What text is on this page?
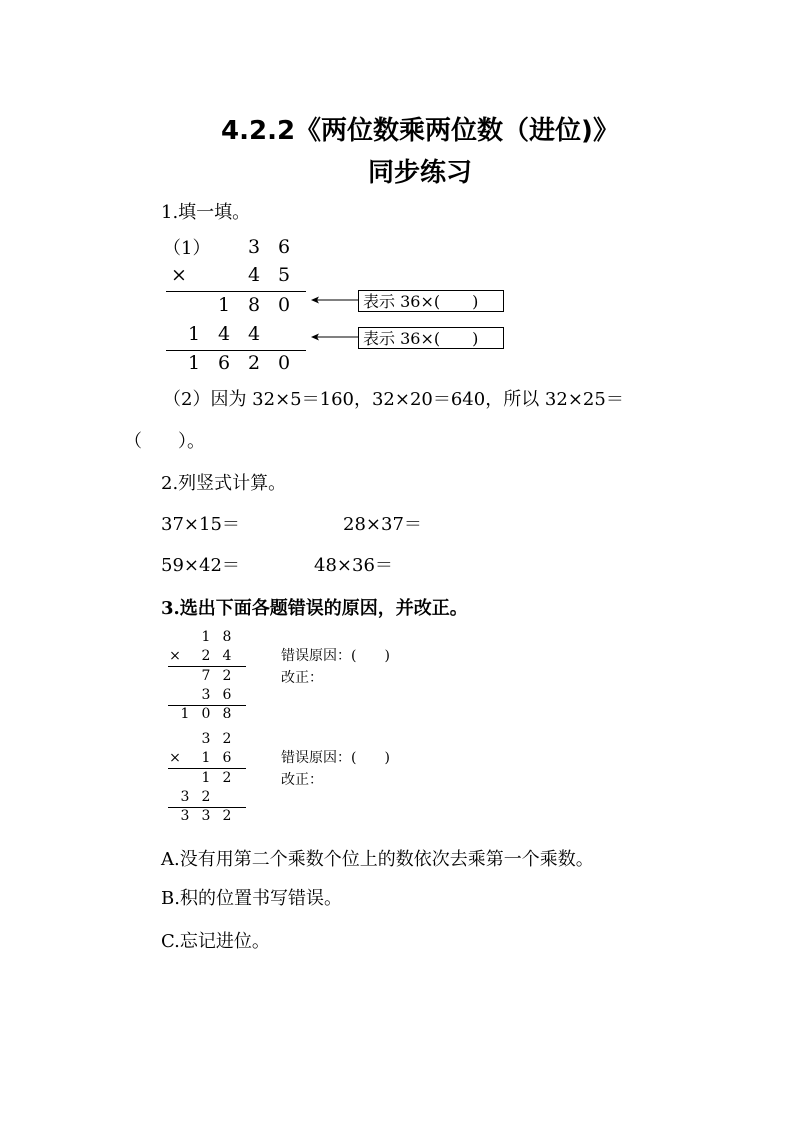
4.2.2《两位数乘两位数（进位)》
同步练习
1.填一填。
（1） 3 6
×	4 5
1 8 0
1 4 4
1 6 2 0
表示 36×(　　)
表示 36×(　　)
（2）因为 32×5＝160，32×20＝640，所以 32×25＝
（　　）。
2.列竖式计算。
37×15＝	28×37＝
59×42＝	48×36＝
3.选出下面各题错误的原因，并改正。
1 8
×	2 4
7 2
3 6
1 0 8
错误原因：(　　)
改正：
3 2
×	1 6
1 2
3 2
3 3 2
错误原因：(　　)
改正：
A.没有用第二个乘数个位上的数依次去乘第一个乘数。
B.积的位置书写错误。
C.忘记进位。
